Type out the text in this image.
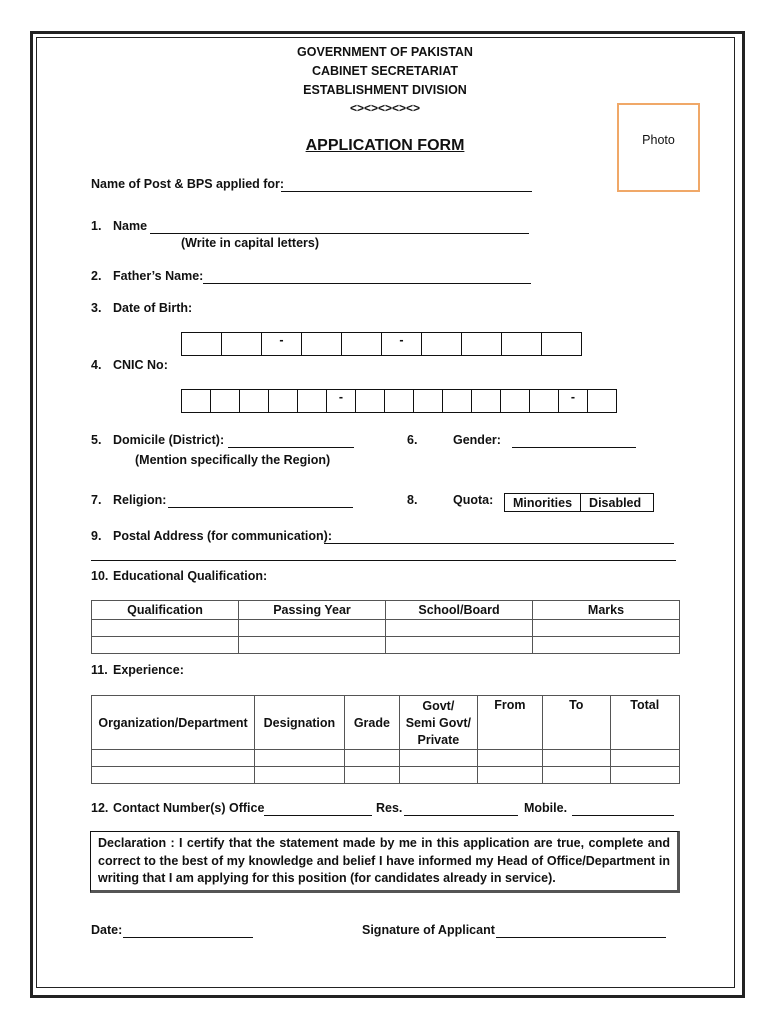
GOVERNMENT OF PAKISTAN
CABINET SECRETARIAT
ESTABLISHMENT DIVISION
<><><><><>
APPLICATION FORM	Photo
Name of Post & BPS applied for:
1. Name
(Write in capital letters)
2. Father’s Name:
3. Date of Birth:
-	-
4. CNIC No:
-	-
5. Domicile (District):
(Mention specifically the Region)
6.	Gender:
7. Religion:	8.	Quota:	Minorities	Disabled
9. Postal Address (for communication):
10. Educational Qualification:
Qualification	Passing Year	School/Board	Marks

11. Experience:
Organization/Department	Designation	Grade	Govt/
Semi Govt/
Private	From	To	Total

12. Contact Number(s) Office	Res.	Mobile.
Declaration : I certify that the statement made by me in this application are true, complete and correct to the best of my knowledge and belief I have informed my Head of Office/Department in writing that I am applying for this position (for candidates already in service).
Date:	Signature of Applicant
